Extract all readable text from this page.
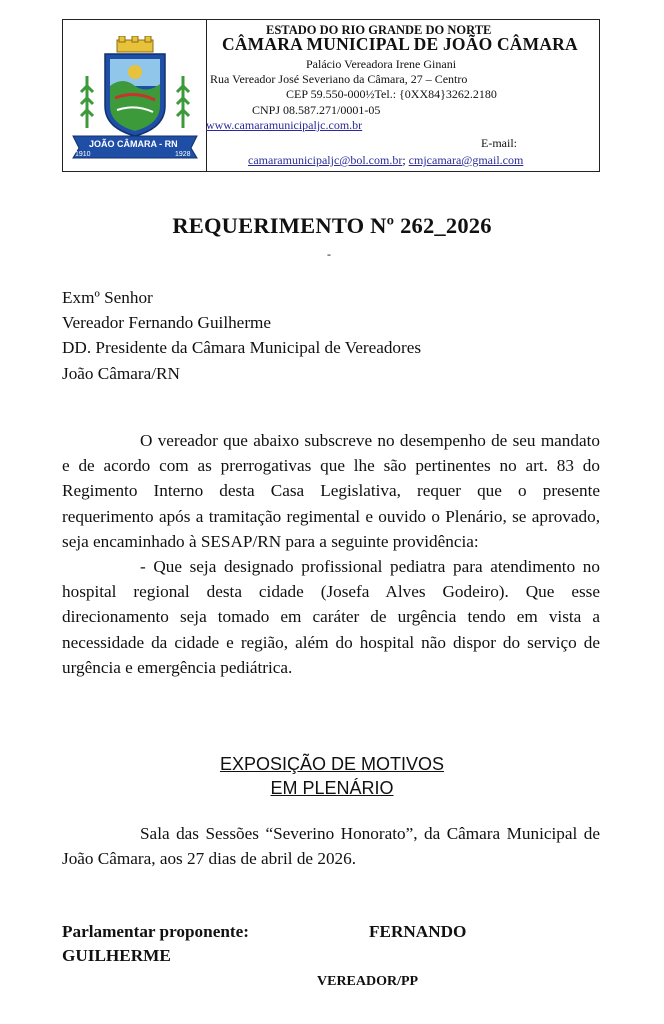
JOÃO CÂMARA - RN
1910	1928
ESTADO DO RIO GRANDE DO NORTE
CÂMARA MUNICIPAL DE JOÃO CÂMARA
Palácio Vereadora Irene Ginani
Rua Vereador José Severiano da Câmara, 27 – Centro
CEP 59.550-000½Tel.: {0XX84}3262.2180
CNPJ 08.587.271/0001-05
www.camaramunicipaljc.com.br
E-mail:
camaramunicipaljc@bol.com.br; cmjcamara@gmail.com
REQUERIMENTO Nº 262_2026
-
Exmº Senhor
Vereador Fernando Guilherme
DD. Presidente da Câmara Municipal de Vereadores
João Câmara/RN
O vereador que abaixo subscreve no desempenho de seu mandato e de acordo com as prerrogativas que lhe são pertinentes no art. 83 do Regimento Interno desta Casa Legislativa, requer que o presente requerimento após a tramitação regimental e ouvido o Plenário, se aprovado, seja encaminhado à SESAP/RN para a seguinte providência:
- Que seja designado profissional pediatra para atendimento no hospital regional desta cidade (Josefa Alves Godeiro). Que esse direcionamento seja tomado em caráter de urgência tendo em vista a necessidade da cidade e região, além do hospital não dispor do serviço de urgência e emergência pediátrica.
EXPOSIÇÃO DE MOTIVOS
EM PLENÁRIO
Sala das Sessões “Severino Honorato”, da Câmara Municipal de João Câmara, aos 27 dias de abril de 2026.
Parlamentar proponente:	FERNANDO
GUILHERME
VEREADOR/PP
